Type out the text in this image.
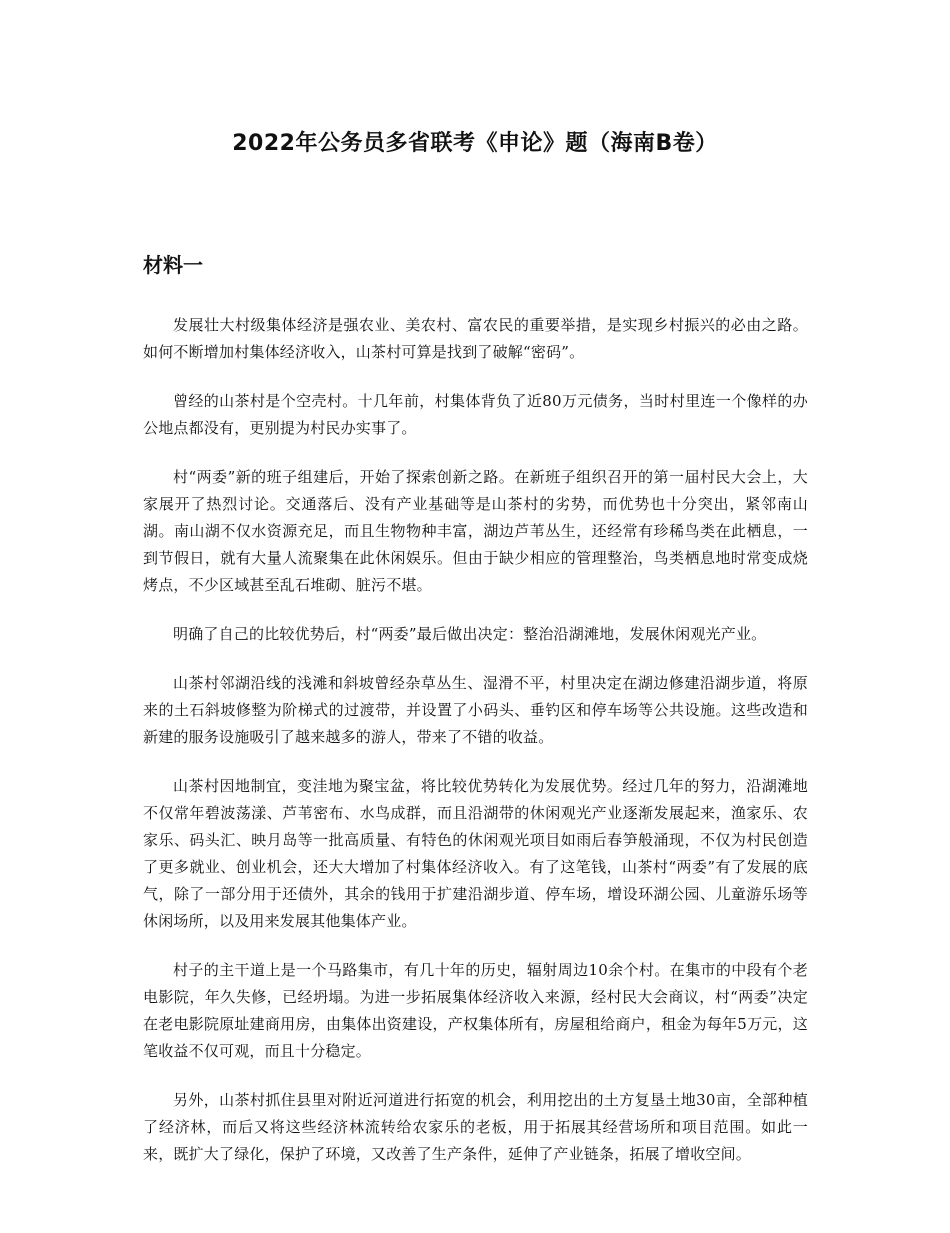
2022年公务员多省联考《申论》题（海南B卷）
材料一

发展壮大村级集体经济是强农业、美农村、富农民的重要举措，是实现乡村振兴的必由之路。如何不断增加村集体经济收入，山茶村可算是找到了破解“密码”。

曾经的山茶村是个空壳村。十几年前，村集体背负了近80万元债务，当时村里连一个像样的办公地点都没有，更别提为村民办实事了。

村“两委”新的班子组建后，开始了探索创新之路。在新班子组织召开的第一届村民大会上，大家展开了热烈讨论。交通落后、没有产业基础等是山茶村的劣势，而优势也十分突出，紧邻南山湖。南山湖不仅水资源充足，而且生物物种丰富，湖边芦苇丛生，还经常有珍稀鸟类在此栖息，一到节假日，就有大量人流聚集在此休闲娱乐。但由于缺少相应的管理整治，鸟类栖息地时常变成烧烤点，不少区域甚至乱石堆砌、脏污不堪。

明确了自己的比较优势后，村“两委”最后做出决定：整治沿湖滩地，发展休闲观光产业。

山茶村邻湖沿线的浅滩和斜坡曾经杂草丛生、湿滑不平，村里决定在湖边修建沿湖步道，将原来的土石斜坡修整为阶梯式的过渡带，并设置了小码头、垂钓区和停车场等公共设施。这些改造和新建的服务设施吸引了越来越多的游人，带来了不错的收益。

山茶村因地制宜，变洼地为聚宝盆，将比较优势转化为发展优势。经过几年的努力，沿湖滩地不仅常年碧波荡漾、芦苇密布、水鸟成群，而且沿湖带的休闲观光产业逐渐发展起来，渔家乐、农家乐、码头汇、映月岛等一批高质量、有特色的休闲观光项目如雨后春笋般涌现，不仅为村民创造了更多就业、创业机会，还大大增加了村集体经济收入。有了这笔钱，山茶村“两委”有了发展的底气，除了一部分用于还债外，其余的钱用于扩建沿湖步道、停车场，增设环湖公园、儿童游乐场等休闲场所，以及用来发展其他集体产业。

村子的主干道上是一个马路集市，有几十年的历史，辐射周边10余个村。在集市的中段有个老电影院，年久失修，已经坍塌。为进一步拓展集体经济收入来源，经村民大会商议，村“两委”决定在老电影院原址建商用房，由集体出资建设，产权集体所有，房屋租给商户，租金为每年5万元，这笔收益不仅可观，而且十分稳定。

另外，山茶村抓住县里对附近河道进行拓宽的机会，利用挖出的土方复垦土地30亩，全部种植了经济林，而后又将这些经济林流转给农家乐的老板，用于拓展其经营场所和项目范围。如此一来，既扩大了绿化，保护了环境，又改善了生产条件，延伸了产业链条，拓展了增收空间。
